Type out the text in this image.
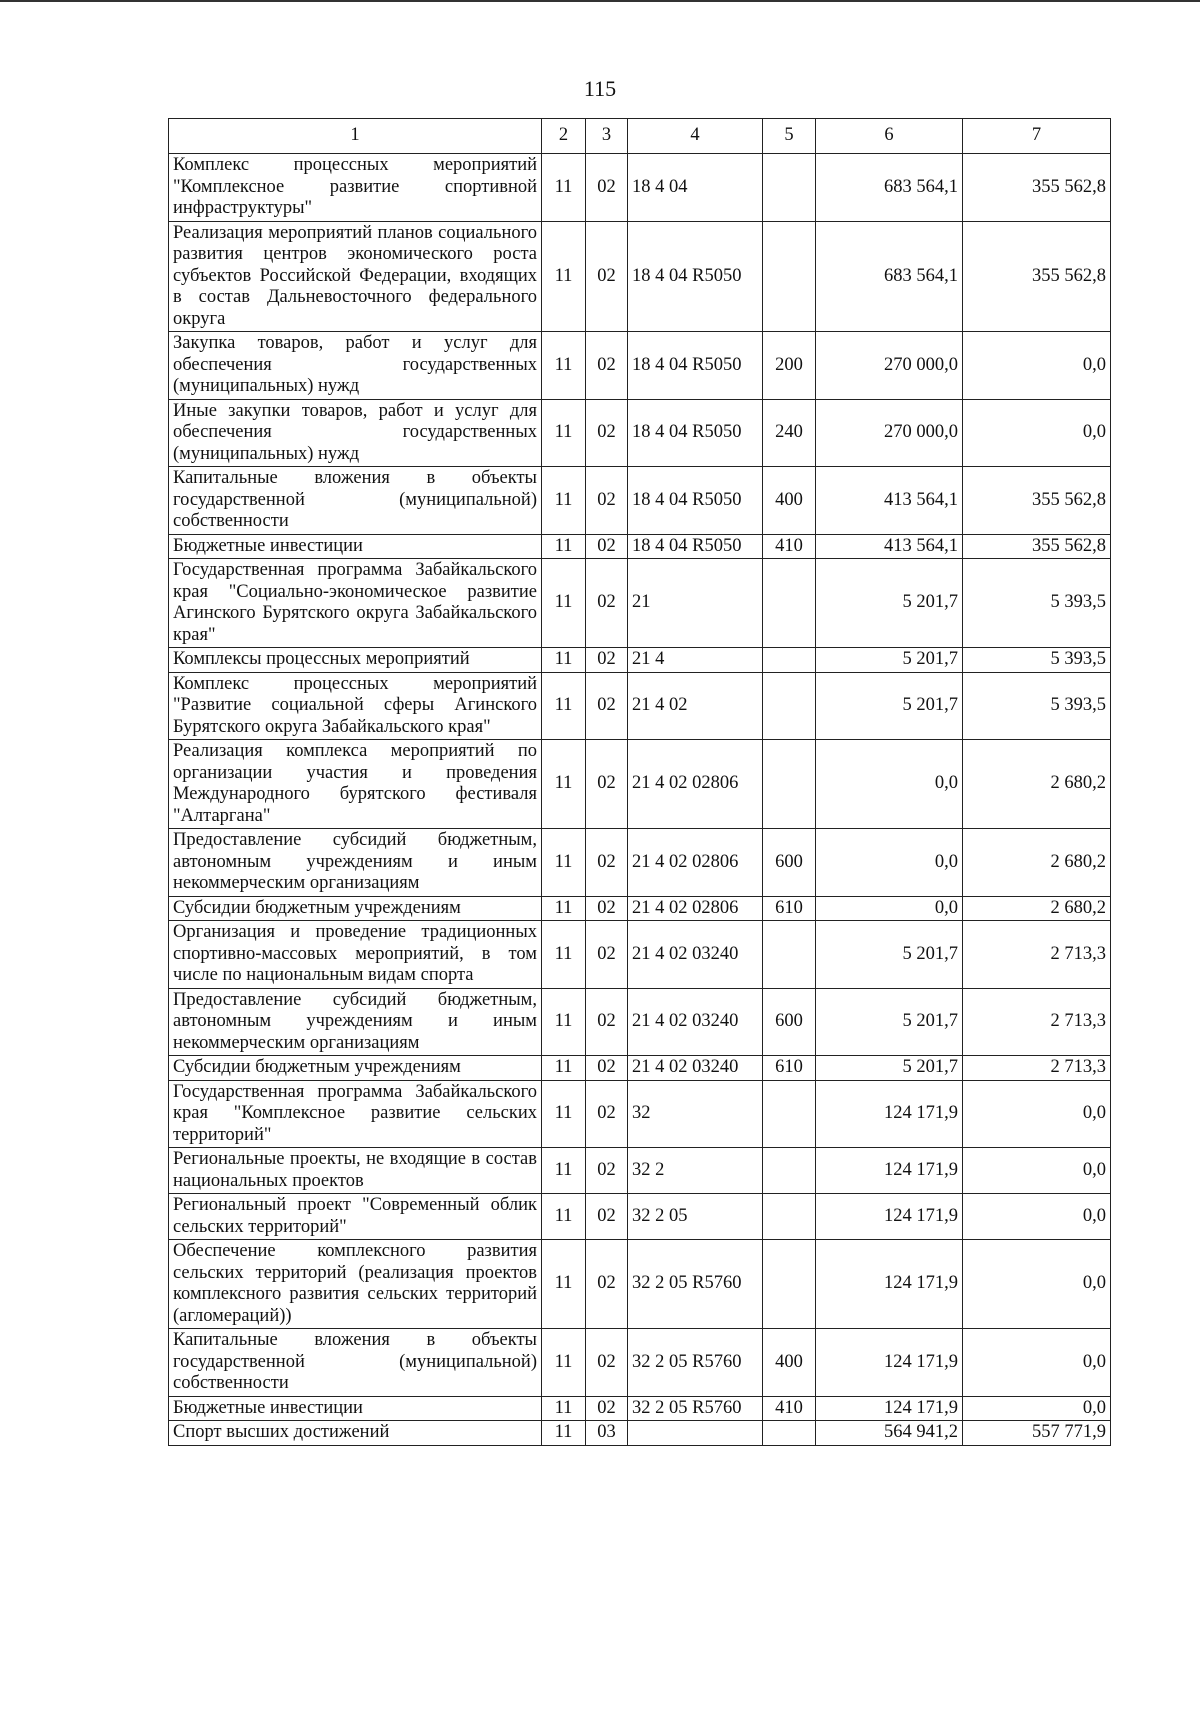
115
1	2	3	4	5	6	7
Комплекс процессных мероприятий "Комплексное развитие спортивной инфраструктуры"	11	02	18 4 04		683 564,1	355 562,8
Реализация мероприятий планов социального развития центров экономического роста субъектов Российской Федерации, входящих в состав Дальневосточного федерального округа	11	02	18 4 04 R5050		683 564,1	355 562,8
Закупка товаров, работ и услуг для обеспечения государственных (муниципальных) нужд	11	02	18 4 04 R5050	200	270 000,0	0,0
Иные закупки товаров, работ и услуг для обеспечения государственных (муниципальных) нужд	11	02	18 4 04 R5050	240	270 000,0	0,0
Капитальные вложения в объекты государственной (муниципальной) собственности	11	02	18 4 04 R5050	400	413 564,1	355 562,8
Бюджетные инвестиции	11	02	18 4 04 R5050	410	413 564,1	355 562,8
Государственная программа Забайкальского края "Социально-экономическое развитие Агинского Бурятского округа Забайкальского края"	11	02	21		5 201,7	5 393,5
Комплексы процессных мероприятий	11	02	21 4		5 201,7	5 393,5
Комплекс процессных мероприятий "Развитие социальной сферы Агинского Бурятского округа Забайкальского края"	11	02	21 4 02		5 201,7	5 393,5
Реализация комплекса мероприятий по организации участия и проведения Международного бурятского фестиваля "Алтаргана"	11	02	21 4 02 02806		0,0	2 680,2
Предоставление субсидий бюджетным, автономным учреждениям и иным некоммерческим организациям	11	02	21 4 02 02806	600	0,0	2 680,2
Субсидии бюджетным учреждениям	11	02	21 4 02 02806	610	0,0	2 680,2
Организация и проведение традиционных спортивно-массовых мероприятий, в том числе по национальным видам спорта	11	02	21 4 02 03240		5 201,7	2 713,3
Предоставление субсидий бюджетным, автономным учреждениям и иным некоммерческим организациям	11	02	21 4 02 03240	600	5 201,7	2 713,3
Субсидии бюджетным учреждениям	11	02	21 4 02 03240	610	5 201,7	2 713,3
Государственная программа Забайкальского края "Комплексное развитие сельских территорий"	11	02	32		124 171,9	0,0
Региональные проекты, не входящие в состав национальных проектов	11	02	32 2		124 171,9	0,0
Региональный проект "Современный облик сельских территорий"	11	02	32 2 05		124 171,9	0,0
Обеспечение комплексного развития сельских территорий (реализация проектов комплексного развития сельских территорий (агломераций))	11	02	32 2 05 R5760		124 171,9	0,0
Капитальные вложения в объекты государственной (муниципальной) собственности	11	02	32 2 05 R5760	400	124 171,9	0,0
Бюджетные инвестиции	11	02	32 2 05 R5760	410	124 171,9	0,0
Спорт высших достижений	11	03			564 941,2	557 771,9
